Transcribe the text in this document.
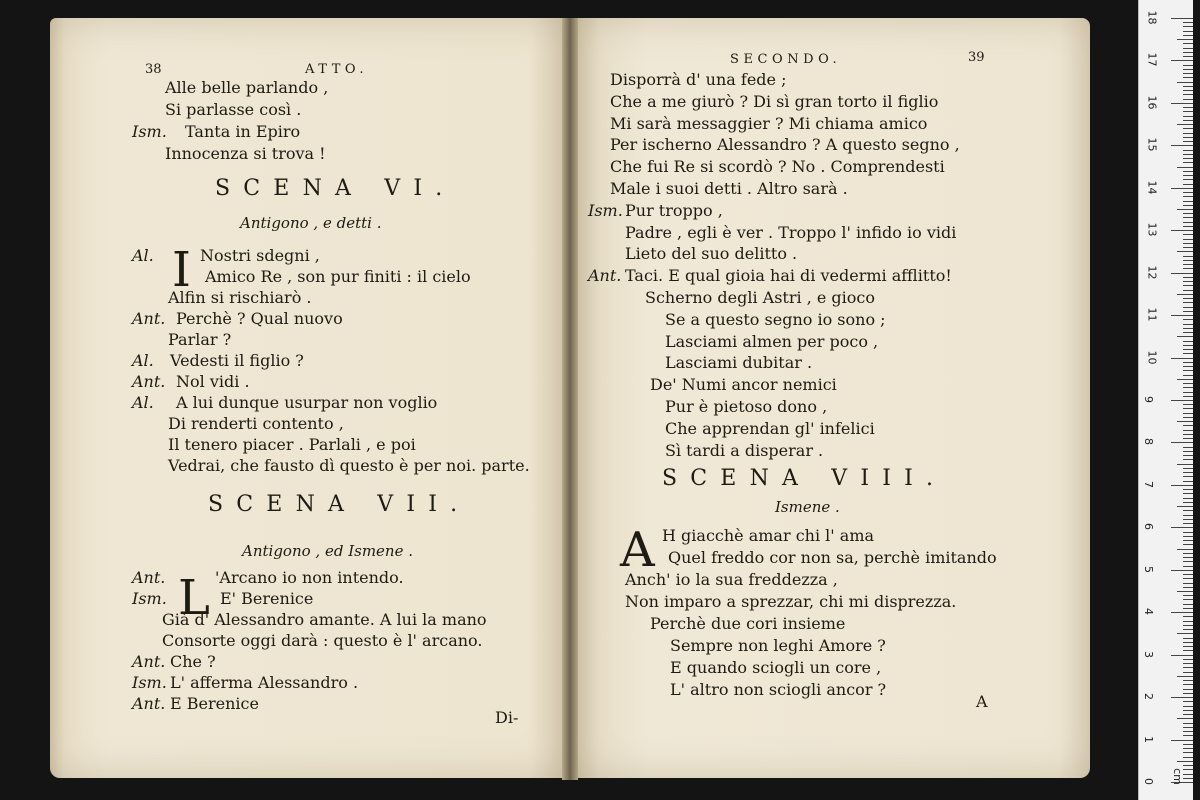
38	ATTO.
Alle belle parlando ,
Si parlasse così .
Ism. Tanta in Epiro
Innocenza si trova !
SCENA VI.
Antigono , e detti .
I
Al.	Nostri sdegni ,
Amico Re , son pur finiti : il cielo
Alfin si rischiarò .
Ant. Perchè ? Qual nuovo
Parlar ?
Al. Vedesti il figlio ?
Ant. Nol vidi .
Al. A lui dunque usurpar non voglio
Di renderti contento ,
Il tenero piacer . Parlali , e poi
Vedrai, che fausto dì questo è per noi. parte.
SCENA VII.
Antigono , ed Ismene .
L
Ant.	'Arcano io non intendo.
Ism.	E' Berenice
Già d' Alessandro amante. A lui la mano
Consorte oggi darà : questo è l' arcano.
Ant. Che ?
Ism. L' afferma Alessandro .
Ant. E Berenice
Di-
SECONDO.	39
Disporrà d' una fede ;
Che a me giurò ? Di sì gran torto il figlio
Mi sarà messaggier ? Mi chiama amico
Per ischerno Alessandro ? A questo segno ,
Che fui Re si scordò ? No . Comprendesti
Male i suoi detti . Altro sarà .
Ism. Pur troppo ,
Padre , egli è ver . Troppo l' infido io vidi
Lieto del suo delitto .
Ant. Taci. E qual gioia hai di vedermi afflitto!
Scherno degli Astri , e gioco
Se a questo segno io sono ;
Lasciami almen per poco ,
Lasciami dubitar .
De' Numi ancor nemici
Pur è pietoso dono ,
Che apprendan gl' infelici
Sì tardi a disperar .
SCENA VIII.
Ismene .
A H giacchè amar chi l' ama
Quel freddo cor non sa, perchè imitando
Anch' io la sua freddezza ,
Non imparo a sprezzar, chi mi disprezza.
Perchè due cori insieme
Sempre non leghi Amore ?
E quando sciogli un core ,
L' altro non sciogli ancor ?
A
18
17
16
15
14
13
12
11
10
9
8
7
6
5
4
3
2
1
0 cm
